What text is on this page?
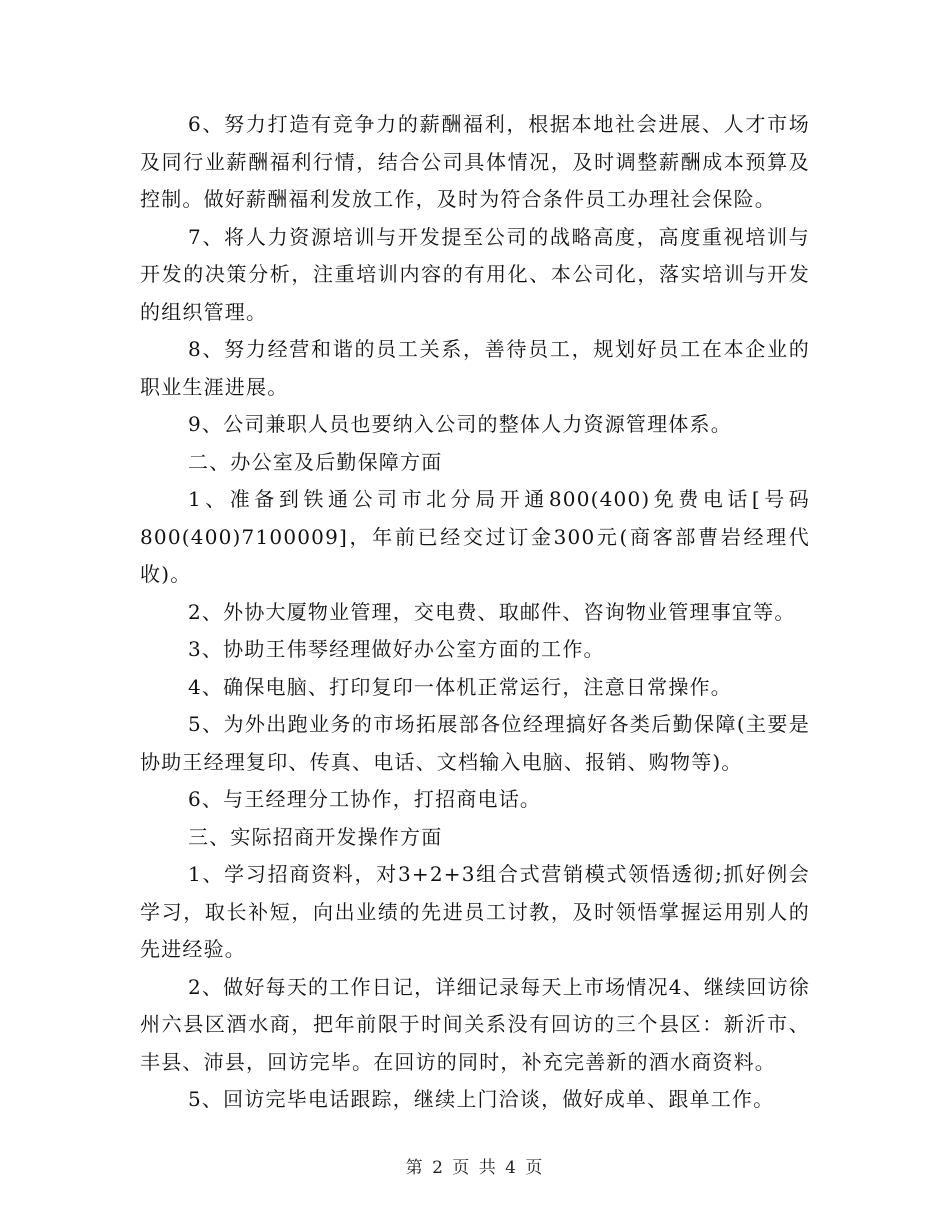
6、努力打造有竞争力的薪酬福利，根据本地社会进展、人才市场及同行业薪酬福利行情，结合公司具体情况，及时调整薪酬成本预算及控制。做好薪酬福利发放工作，及时为符合条件员工办理社会保险。

7、将人力资源培训与开发提至公司的战略高度，高度重视培训与开发的决策分析，注重培训内容的有用化、本公司化，落实培训与开发的组织管理。

8、努力经营和谐的员工关系，善待员工，规划好员工在本企业的职业生涯进展。

9、公司兼职人员也要纳入公司的整体人力资源管理体系。

二、办公室及后勤保障方面

1、准备到铁通公司市北分局开通800(400)免费电话[号码800(400)7100009]，年前已经交过订金300元(商客部曹岩经理代收)。

2、外协大厦物业管理，交电费、取邮件、咨询物业管理事宜等。

3、协助王伟琴经理做好办公室方面的工作。

4、确保电脑、打印复印一体机正常运行，注意日常操作。

5、为外出跑业务的市场拓展部各位经理搞好各类后勤保障(主要是协助王经理复印、传真、电话、文档输入电脑、报销、购物等)。

6、与王经理分工协作，打招商电话。

三、实际招商开发操作方面

1、学习招商资料，对3+2+3组合式营销模式领悟透彻;抓好例会学习，取长补短，向出业绩的先进员工讨教，及时领悟掌握运用别人的先进经验。

2、做好每天的工作日记，详细记录每天上市场情况4、继续回访徐州六县区酒水商，把年前限于时间关系没有回访的三个县区：新沂市、丰县、沛县，回访完毕。在回访的同时，补充完善新的酒水商资料。

5、回访完毕电话跟踪，继续上门洽谈，做好成单、跟单工作。

第 2 页 共 4 页
